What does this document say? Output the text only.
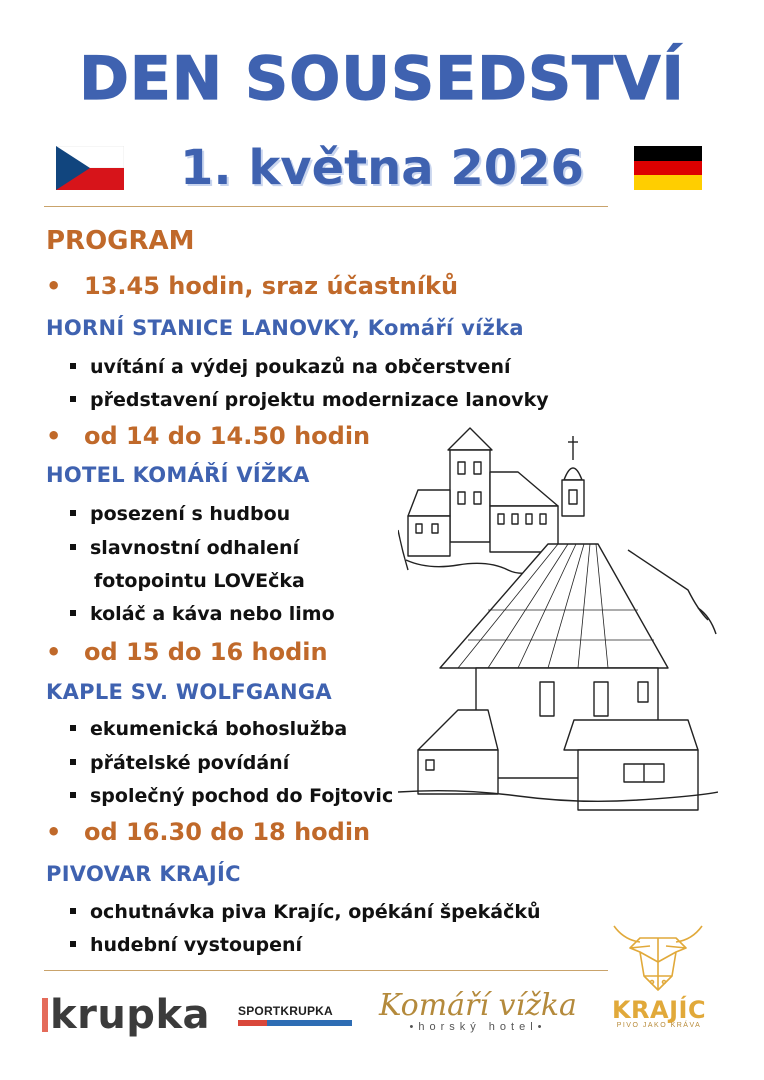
DEN SOUSEDSTVÍ
1. května 2026
PROGRAM
• 13.45 hodin, sraz účastníků
HORNÍ STANICE LANOVKY, Komáří vížka
uvítání a výdej poukazů na občerstvení
představení projektu modernizace lanovky
• od 14 do 14.50 hodin
HOTEL KOMÁŘÍ VÍŽKA
posezení s hudbou
slavnostní odhalení
fotopointu LOVEčka
koláč a káva nebo limo
• od 15 do 16 hodin
KAPLE SV. WOLFGANGA
ekumenická bohoslužba
přátelské povídání
společný pochod do Fojtovic
• od 16.30 do 18 hodin
PIVOVAR KRAJÍC
ochutnávka piva Krajíc, opékání špekáčků
hudební vystoupení
krupka SPORTKRUPKA	Komáří vížka
•horský hotel•
KRAJÍC
PIVO JAKO KRÁVA
